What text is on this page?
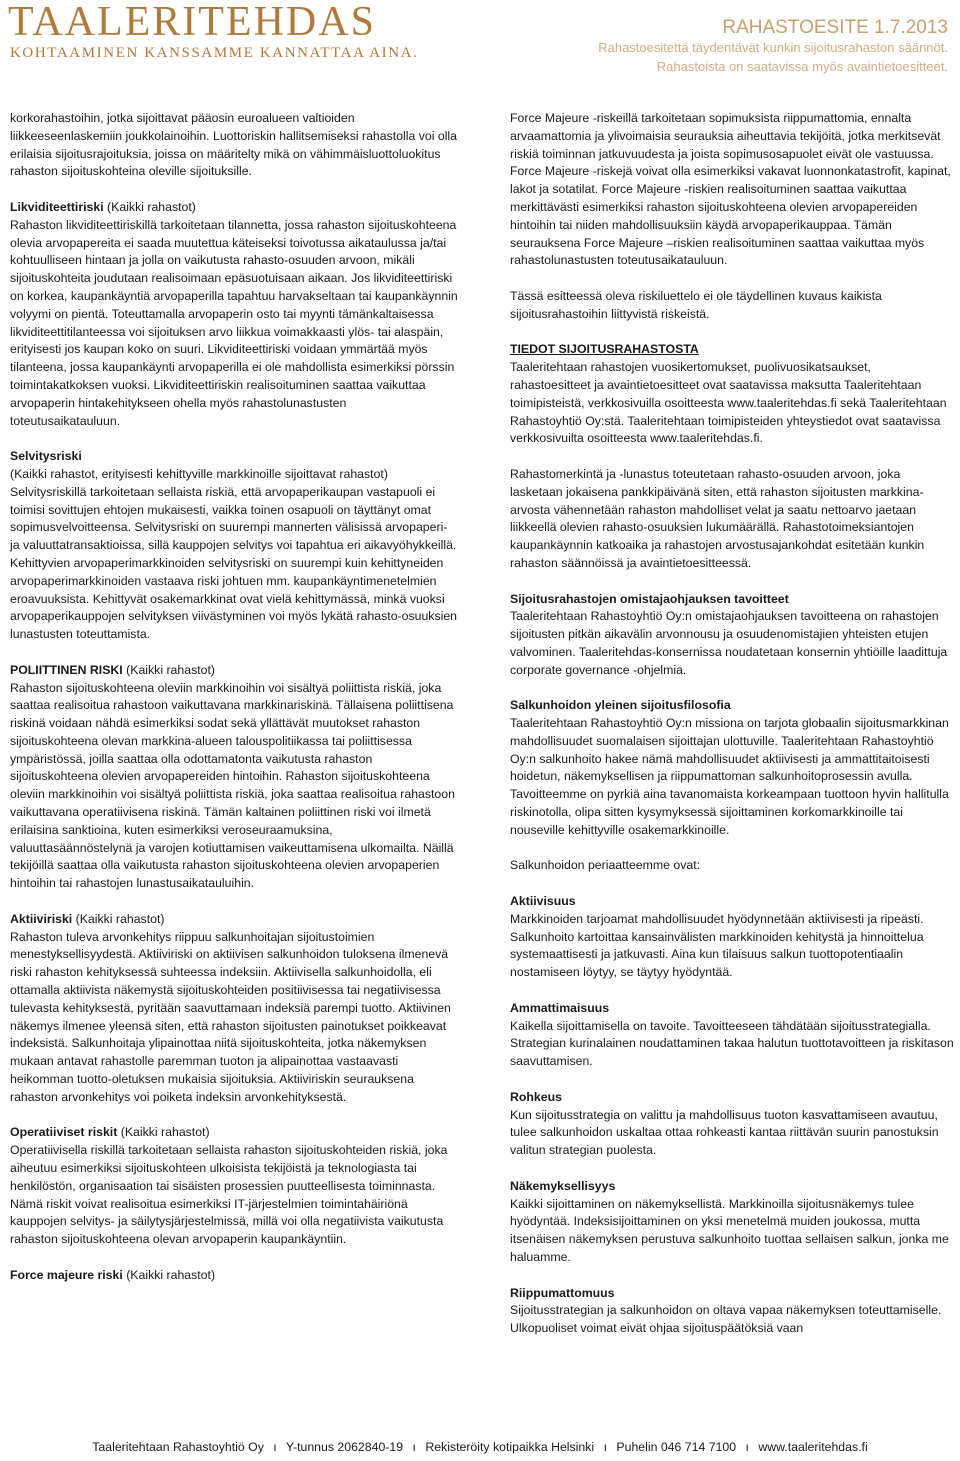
TAALERITEHDAS
KOHTAAMINEN KANSSAMME KANNATTAA AINA.
RAHASTOESITE 1.7.2013
Rahastoesitettä täydentävät kunkin sijoitusrahaston säännöt.
Rahastoista on saatavissa myös avaintietoesitteet.

korkorahastoihin, jotka sijoittavat pääosin euroalueen valtioiden liikkeeseenlaskemiin joukkolainoihin. Luottoriskin hallitsemiseksi rahastolla voi olla erilaisia sijoitusrajoituksia, joissa on määritelty mikä on vähimmäisluottoluokitus rahaston sijoituskohteina oleville sijoituksille.

Likviditeettiriski (Kaikki rahastot)
Rahaston likviditeettiriskillä tarkoitetaan tilannetta, jossa rahaston sijoituskohteena olevia arvopapereita ei saada muutettua käteiseksi toivotussa aikataulussa ja/tai kohtuulliseen hintaan ja jolla on vaikutusta rahasto-osuuden arvoon, mikäli sijoituskohteita joudutaan realisoimaan epäsuotuisaan aikaan. Jos likviditeettiriski on korkea, kaupankäyntiä arvopaperilla tapahtuu harvakseltaan tai kaupankäynnin volyymi on pientä. Toteuttamalla arvopaperin osto tai myynti tämänkaltaisessa likviditeettitilanteessa voi sijoituksen arvo liikkua voimakkaasti ylös- tai alaspäin, erityisesti jos kaupan koko on suuri. Likviditeettiriski voidaan ymmärtää myös tilanteena, jossa kaupankäynti arvopaperilla ei ole mahdollista esimerkiksi pörssin toimintakatkoksen vuoksi. Likviditeettiriskin realisoituminen saattaa vaikuttaa arvopaperin hintakehitykseen ohella myös rahastolunastusten toteutusaikatauluun.

Selvitysriski
(Kaikki rahastot, erityisesti kehittyville markkinoille sijoittavat rahastot) Selvitysriskillä tarkoitetaan sellaista riskiä, että arvopaperikaupan vastapuoli ei toimisi sovittujen ehtojen mukaisesti, vaikka toinen osapuoli on täyttänyt omat sopimusvelvoitteensa. Selvitysriski on suurempi mannerten välisissä arvopaperi- ja valuuttatransaktioissa, sillä kauppojen selvitys voi tapahtua eri aikavyöhykkeillä. Kehittyvien arvopaperimarkkinoiden selvitysriski on suurempi kuin kehittyneiden arvopaperimarkkinoiden vastaava riski johtuen mm. kaupankäyntimenetelmien eroavuuksista. Kehittyvät osakemarkkinat ovat vielä kehittymässä, minkä vuoksi arvopaperikauppojen selvityksen viivästyminen voi myös lykätä rahasto-osuuksien lunastusten toteuttamista.

POLIITTINEN RISKI (Kaikki rahastot)
Rahaston sijoituskohteena oleviin markkinoihin voi sisältyä poliittista riskiä, joka saattaa realisoitua rahastoon vaikuttavana markkinariskinä. Tällaisena poliittisena riskinä voidaan nähdä esimerkiksi sodat sekä yllättävät muutokset rahaston sijoituskohteena olevan markkina-alueen talouspolitiikassa tai poliittisessa ympäristössä, joilla saattaa olla odottamatonta vaikutusta rahaston sijoituskohteena olevien arvopapereiden hintoihin. Rahaston sijoituskohteena oleviin markkinoihin voi sisältyä poliittista riskiä, joka saattaa realisoitua rahastoon vaikuttavana operatiivisena riskinä. Tämän kaltainen poliittinen riski voi ilmetä erilaisina sanktioina, kuten esimerkiksi veroseuraamuksina, valuuttasäännöstelynä ja varojen kotiuttamisen vaikeuttamisena ulkomailta. Näillä tekijöillä saattaa olla vaikutusta rahaston sijoituskohteena olevien arvopaperien hintoihin tai rahastojen lunastusaikatauluihin.

Aktiiviriski (Kaikki rahastot)
Rahaston tuleva arvonkehitys riippuu salkunhoitajan sijoitustoimien menestyksellisyydestä. Aktiiviriski on aktiivisen salkunhoidon tuloksena ilmenevä riski rahaston kehityksessä suhteessa indeksiin. Aktiivisella salkunhoidolla, eli ottamalla aktiivista näkemystä sijoituskohteiden positiivisessa tai negatiivisessa tulevasta kehityksestä, pyritään saavuttamaan indeksiä parempi tuotto. Aktiivinen näkemys ilmenee yleensä siten, että rahaston sijoitusten painotukset poikkeavat indeksistä. Salkunhoitaja ylipainottaa niitä sijoituskohteita, jotka näkemyksen mukaan antavat rahastolle paremman tuoton ja alipainottaa vastaavasti heikomman tuotto-oletuksen mukaisia sijoituksia. Aktiiviriskin seurauksena rahaston arvonkehitys voi poiketa indeksin arvonkehityksestä.

Operatiiviset riskit (Kaikki rahastot)
Operatiivisella riskillä tarkoitetaan sellaista rahaston sijoituskohteiden riskiä, joka aiheutuu esimerkiksi sijoituskohteen ulkoisista tekijöistä ja teknologiasta tai henkilöstön, organisaation tai sisäisten prosessien puutteellisesta toiminnasta. Nämä riskit voivat realisoitua esimerkiksi IT-järjestelmien toimintahäiriönä kauppojen selvitys- ja säilytysjärjestelmissä, millä voi olla negatiivista vaikutusta rahaston sijoituskohteena olevan arvopaperin kaupankäyntiin.

Force majeure riski (Kaikki rahastot)

Force Majeure -riskeillä tarkoitetaan sopimuksista riippumattomia, ennalta arvaamattomia ja ylivoimaisia seurauksia aiheuttavia tekijöitä, jotka merkitsevät riskiä toiminnan jatkuvuudesta ja joista sopimusosapuolet eivät ole vastuussa. Force Majeure -riskejä voivat olla esimerkiksi vakavat luonnonkatastrofit, kapinat, lakot ja sotatilat. Force Majeure -riskien realisoituminen saattaa vaikuttaa merkittävästi esimerkiksi rahaston sijoituskohteena olevien arvopapereiden hintoihin tai niiden mahdollisuuksiin käydä arvopaperikauppaa. Tämän seurauksena Force Majeure –riskien realisoituminen saattaa vaikuttaa myös rahastolunastusten toteutusaikatauluun.

Tässä esitteessä oleva riskiluettelo ei ole täydellinen kuvaus kaikista sijoitusrahastoihin liittyvistä riskeistä.

TIEDOT SIJOITUSRAHASTOSTA
Taaleritehtaan rahastojen vuosikertomukset, puolivuosikatsaukset, rahastoesitteet ja avaintietoesitteet ovat saatavissa maksutta Taaleritehtaan toimipisteistä, verkkosivuilla osoitteesta www.taaleritehdas.fi sekä Taaleritehtaan Rahastoyhtiö Oy:stä. Taaleritehtaan toimipisteiden yhteystiedot ovat saatavissa verkkosivuilta osoitteesta www.taaleritehdas.fi.

Rahastomerkintä ja -lunastus toteutetaan rahasto-osuuden arvoon, joka lasketaan jokaisena pankkipäivänä siten, että rahaston sijoitusten markkina-arvosta vähennetään rahaston mahdolliset velat ja saatu nettoarvo jaetaan liikkeellä olevien rahasto-osuuksien lukumäärällä. Rahastotoimeksiantojen kaupankäynnin katkoaika ja rahastojen arvostusajankohdat esitetään kunkin rahaston säännöissä ja avaintietoesitteessä.

Sijoitusrahastojen omistajaohjauksen tavoitteet
Taaleritehtaan Rahastoyhtiö Oy:n omistajaohjauksen tavoitteena on rahastojen sijoitusten pitkän aikavälin arvonnousu ja osuudenomistajien yhteisten etujen valvominen. Taaleritehdas-konsernissa noudatetaan konsernin yhtiöille laadittuja corporate governance -ohjelmia.

Salkunhoidon yleinen sijoitusfilosofia
Taaleritehtaan Rahastoyhtiö Oy:n missiona on tarjota globaalin sijoitusmarkkinan mahdollisuudet suomalaisen sijoittajan ulottuville. Taaleritehtaan Rahastoyhtiö Oy:n salkunhoito hakee nämä mahdollisuudet aktiivisesti ja ammattitaitoisesti hoidetun, näkemyksellisen ja riippumattoman salkunhoitoprosessin avulla. Tavoitteemme on pyrkiä aina tavanomaista korkeampaan tuottoon hyvin hallitulla riskinotolla, olipa sitten kysymyksessä sijoittaminen korkomarkkinoille tai nouseville kehittyville osakemarkkinoille.

Salkunhoidon periaatteemme ovat:

Aktiivisuus
Markkinoiden tarjoamat mahdollisuudet hyödynnetään aktiivisesti ja ripeästi. Salkunhoito kartoittaa kansainvälisten markkinoiden kehitystä ja hinnoittelua systemaattisesti ja jatkuvasti. Aina kun tilaisuus salkun tuottopotentiaalin nostamiseen löytyy, se täytyy hyödyntää.

Ammattimaisuus
Kaikella sijoittamisella on tavoite. Tavoitteeseen tähdätään sijoitusstrategialla. Strategian kurinalainen noudattaminen takaa halutun tuottotavoitteen ja riskitason saavuttamisen.

Rohkeus
Kun sijoitusstrategia on valittu ja mahdollisuus tuoton kasvattamiseen avautuu, tulee salkunhoidon uskaltaa ottaa rohkeasti kantaa riittävän suurin panostuksin valitun strategian puolesta.

Näkemyksellisyys
Kaikki sijoittaminen on näkemyksellistä. Markkinoilla sijoitusnäkemys tulee hyödyntää. Indeksisijoittaminen on yksi menetelmä muiden joukossa, mutta itsenäisen näkemyksen perustuva salkunhoito tuottaa sellaisen salkun, jonka me haluamme.

Riippumattomuus
Sijoitusstrategian ja salkunhoidon on oltava vapaa näkemyksen toteuttamiselle. Ulkopuoliset voimat eivät ohjaa sijoituspäätöksiä vaan

Taaleritehtaan Rahastoyhtiö Oy ı Y-tunnus 2062840-19 ı Rekisteröity kotipaikka Helsinki ı Puhelin 046 714 7100 ı www.taaleritehdas.fi
